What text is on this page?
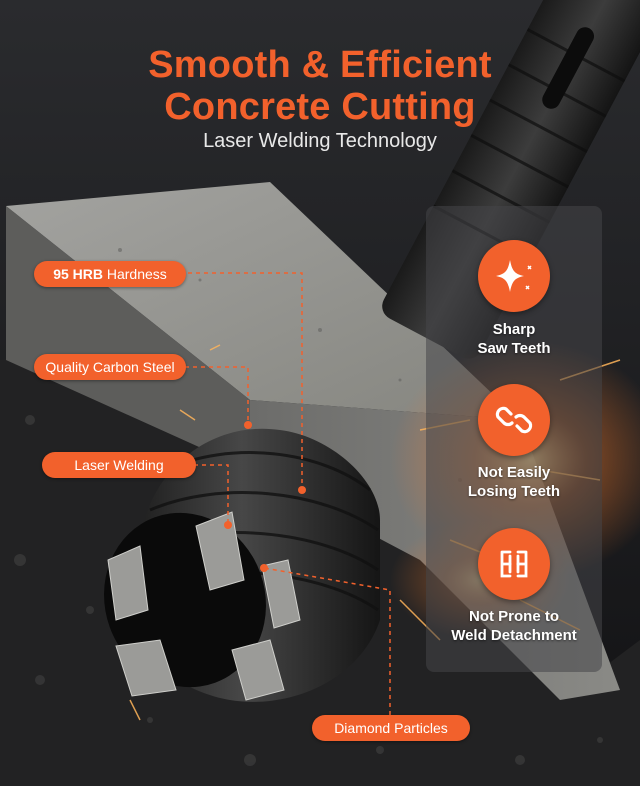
Smooth & Efficient
Concrete Cutting
Laser Welding Technology
95 HRB Hardness
Quality Carbon Steel
Laser Welding
Diamond Particles
Sharp
Saw Teeth
Not Easily
Losing Teeth
Not Prone to
Weld Detachment
